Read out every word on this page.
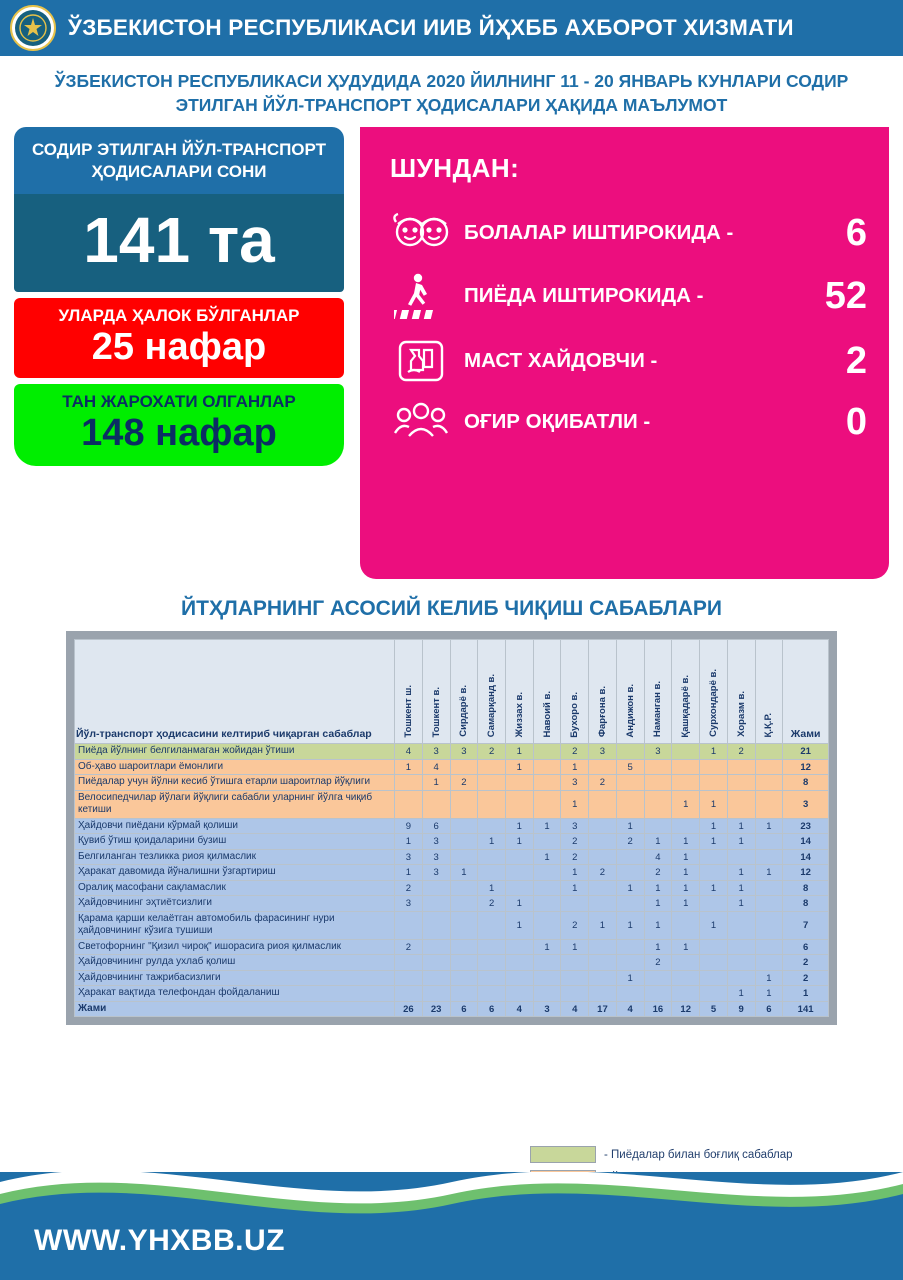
ЎЗБЕКИСТОН РЕСПУБЛИКАСИ ИИВ ЙҲХББ АХБОРОТ ХИЗМАТИ
ЎЗБЕКИСТОН РЕСПУБЛИКАСИ ҲУДУДИДА 2020 ЙИЛНИНГ 11 - 20 ЯНВАРЬ КУНЛАРИ СОДИР ЭТИЛГАН ЙЎЛ-ТРАНСПОРТ ҲОДИСАЛАРИ ҲАҚИДА МАЪЛУМОТ
СОДИР ЭТИЛГАН ЙЎЛ-ТРАНСПОРТ ҲОДИСАЛАРИ СОНИ
141 та
УЛАРДА ҲАЛОК БЎЛГАНЛАР
25 нафар
ТАН ЖАРОХАТИ ОЛГАНЛАР
148 нафар
ШУНДАН:
БОЛАЛАР ИШТИРОКИДА -	6
ПИЁДА ИШТИРОКИДА -	52
МАСТ ХАЙДОВЧИ -	2
ОҒИР ОҚИБАТЛИ -	0
ЙТҲЛАРНИНГ АСОСИЙ КЕЛИБ ЧИҚИШ САБАБЛАРИ
Йўл-транспорт ҳодисасини келтириб чиқарган сабаблар	Тошкент ш.	Тошкент в.	Сирдарё в.	Самарқанд в.	Жиззах в.	Навоий в.	Бухоро в.	Фарғона в.	Андижон в.	Наманган в.	Қашқадарё в.	Сурхондарё в.	Хоразм в.	Қ.Қ.Р.	Жами
Пиёда йўлнинг белгиланмаган жойидан ўтиши	4	3	3	2	1		2	3		3		1	2		21
Об-ҳаво шароитлари ёмонлиги	1	4			1		1		5						12
Пиёдалар учун йўлни кесиб ўтишга етарли шароитлар йўқлиги		1	2				3	2							8
Велосипедчилар йўлаги йўқлиги сабабли уларнинг йўлга чиқиб кетиши							1				1	1			3
Ҳайдовчи пиёдани кўрмай қолиши	9	6			1	1	3		1			1	1	1	23
Қувиб ўтиш қоидаларини бузиш	1	3		1	1		2		2	1	1	1	1		14
Белгиланган тезликка риоя қилмаслик	3	3				1	2			4	1				14
Ҳаракат давомида йўналишни ўзгартириш	1	3	1				1	2		2	1		1	1	12
Оралиқ масофани сақламаслик	2			1			1		1	1	1	1	1		8
Ҳайдовчининг эҳтиётсизлиги	3			2	1					1	1		1		8
Қарама қарши келаётган автомобиль фарасининг нури ҳайдовчининг кўзига тушиши					1		2	1	1	1		1			7
Светофорнинг "Қизил чироқ" ишорасига риоя қилмаслик	2					1	1			1	1				6
Ҳайдовчининг рулда ухлаб қолиш										2					2
Ҳайдовчининг тажрибасизлиги									1					1	2
Ҳаракат вақтида телефондан фойдаланиш													1	1	1
Жами	26	23	6	6	4	3	4	17	4	16	12	5	9	6	141
- Пиёдалар билан боғлиқ сабаблар
WWW.YHXBB.UZ
